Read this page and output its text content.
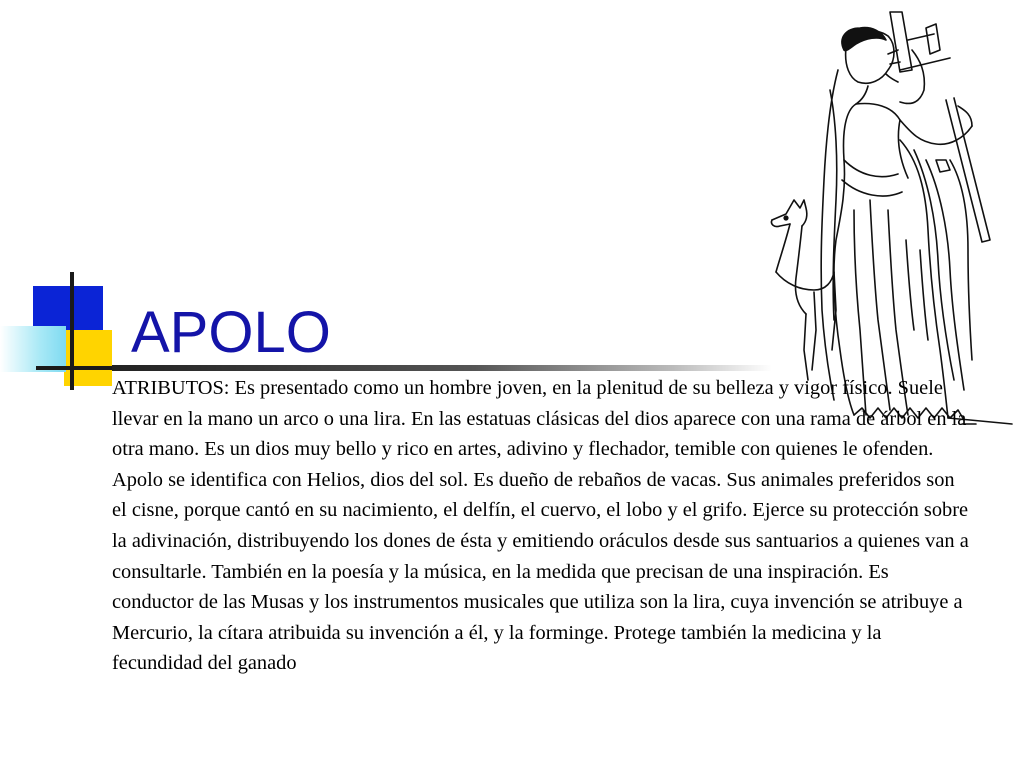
APOLO

ATRIBUTOS: Es presentado como un hombre joven, en la plenitud de su belleza y vigor físico. Suele llevar en la mano un arco o una lira. En las estatuas clásicas del dios aparece con una rama de árbol en la otra mano. Es un dios muy bello y rico en artes, adivino y flechador, temible con quienes le ofenden. Apolo se identifica con Helios, dios del sol. Es dueño de rebaños de vacas. Sus animales preferidos son el cisne, porque cantó en su nacimiento, el delfín, el cuervo, el lobo y el grifo. Ejerce su protección sobre la adivinación, distribuyendo los dones de ésta y emitiendo oráculos desde sus santuarios a quienes van a consultarle. También en la poesía y la música, en la medida que precisan de una inspiración. Es conductor de las Musas y los instrumentos musicales que utiliza son la lira, cuya invención se atribuye a Mercurio, la cítara atribuida su invención a él, y la forminge. Protege también la medicina y la fecundidad del ganado
